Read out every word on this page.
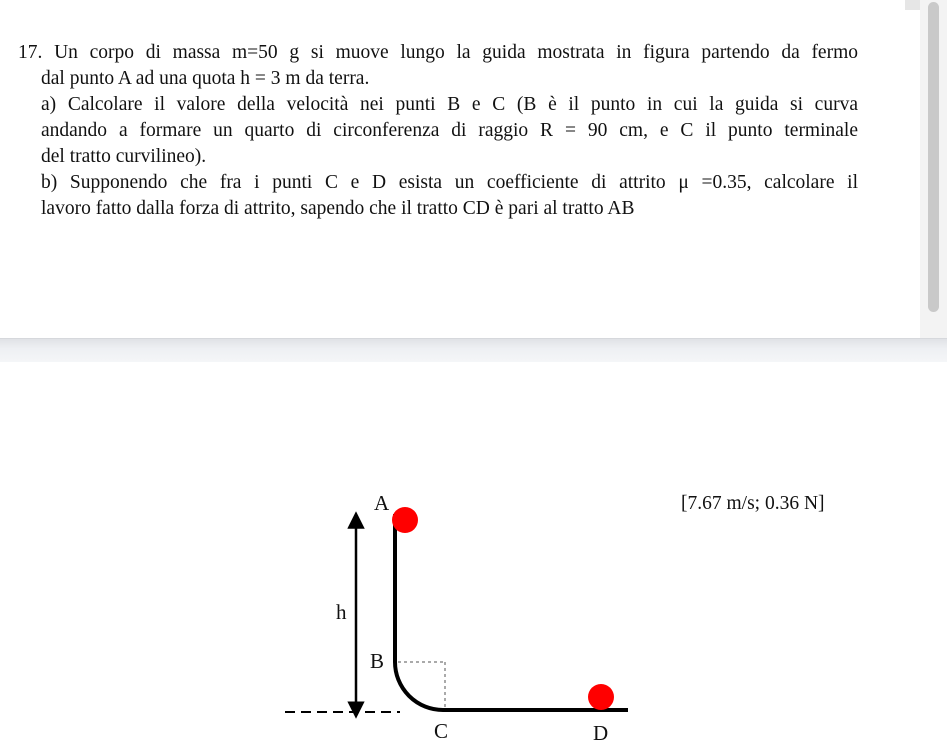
17. Un corpo di massa m=50 g si muove lungo la guida mostrata in figura partendo da fermo
dal punto A ad una quota h = 3 m da terra.
a) Calcolare il valore della velocità nei punti B e C (B è il punto in cui la guida si curva
andando a formare un quarto di circonferenza di raggio R = 90 cm, e C il punto terminale
del tratto curvilineo).
b) Supponendo che fra i punti C e D esista un coefficiente di attrito μ =0.35, calcolare il
lavoro fatto dalla forza di attrito, sapendo che il tratto CD è pari al tratto AB
[7.67 m/s; 0.36 N]
A
h
B
C	D
